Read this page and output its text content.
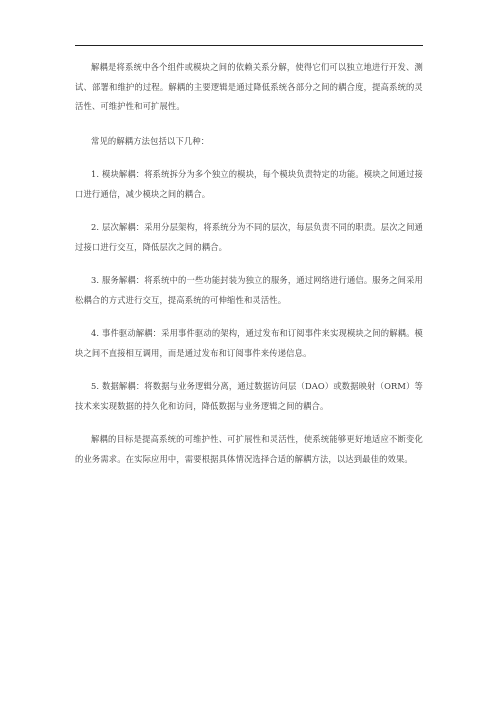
解耦是将系统中各个组件或模块之间的依赖关系分解，使得它们可以独立地进行开发、测试、部署和维护的过程。解耦的主要逻辑是通过降低系统各部分之间的耦合度，提高系统的灵活性、可维护性和可扩展性。

常见的解耦方法包括以下几种：

1. 模块解耦：将系统拆分为多个独立的模块，每个模块负责特定的功能。模块之间通过接口进行通信，减少模块之间的耦合。

2. 层次解耦：采用分层架构，将系统分为不同的层次，每层负责不同的职责。层次之间通过接口进行交互，降低层次之间的耦合。

3. 服务解耦：将系统中的一些功能封装为独立的服务，通过网络进行通信。服务之间采用松耦合的方式进行交互，提高系统的可伸缩性和灵活性。

4. 事件驱动解耦：采用事件驱动的架构，通过发布和订阅事件来实现模块之间的解耦。模块之间不直接相互调用，而是通过发布和订阅事件来传递信息。

5. 数据解耦：将数据与业务逻辑分离，通过数据访问层（DAO）或数据映射（ORM）等技术来实现数据的持久化和访问，降低数据与业务逻辑之间的耦合。

解耦的目标是提高系统的可维护性、可扩展性和灵活性，使系统能够更好地适应不断变化的业务需求。在实际应用中，需要根据具体情况选择合适的解耦方法，以达到最佳的效果。
